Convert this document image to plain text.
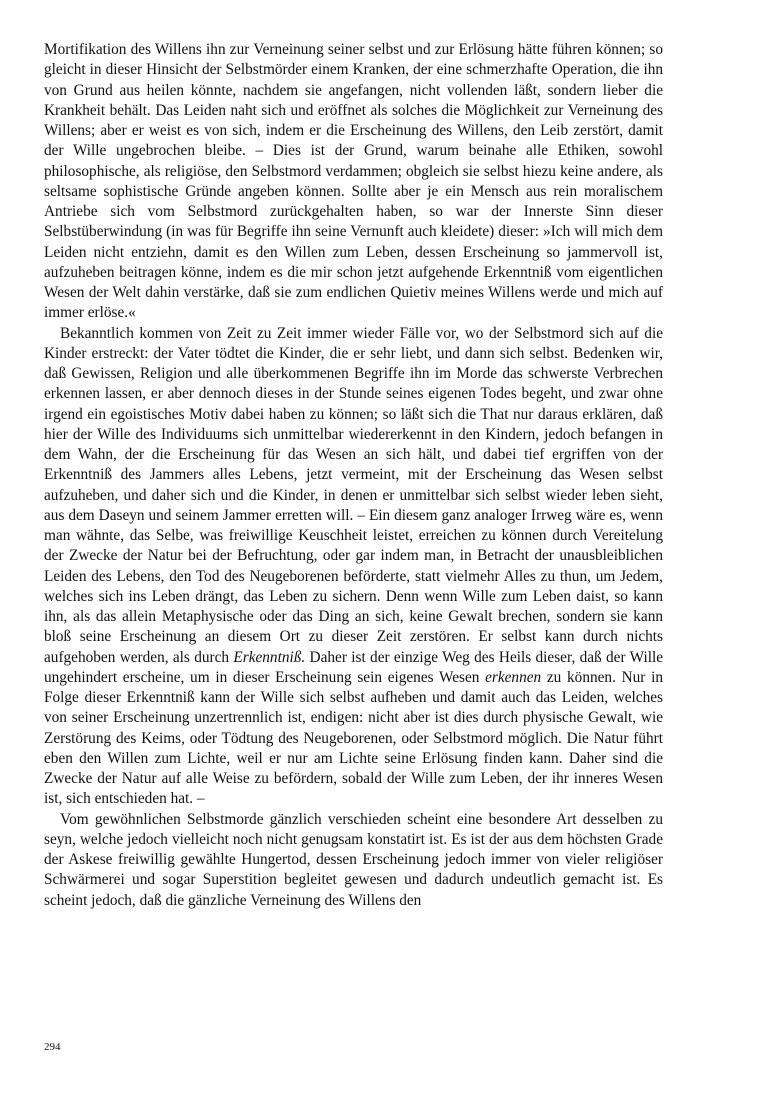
Mortifikation des Willens ihn zur Verneinung seiner selbst und zur Erlösung hätte führen können; so gleicht in dieser Hinsicht der Selbstmörder einem Kranken, der eine schmerzhafte Operation, die ihn von Grund aus heilen könnte, nachdem sie angefangen, nicht vollenden läßt, sondern lieber die Krankheit behält. Das Leiden naht sich und eröffnet als solches die Möglichkeit zur Verneinung des Willens; aber er weist es von sich, indem er die Erscheinung des Willens, den Leib zerstört, damit der Wille ungebrochen bleibe. – Dies ist der Grund, warum beinahe alle Ethiken, sowohl philosophische, als religiöse, den Selbstmord verdammen; obgleich sie selbst hiezu keine andere, als seltsame sophistische Gründe angeben können. Sollte aber je ein Mensch aus rein moralischem Antriebe sich vom Selbstmord zurückgehalten haben, so war der Innerste Sinn dieser Selbstüberwindung (in was für Begriffe ihn seine Vernunft auch kleidete) dieser: »Ich will mich dem Leiden nicht entziehn, damit es den Willen zum Leben, dessen Erscheinung so jammervoll ist, aufzuheben beitragen könne, indem es die mir schon jetzt aufgehende Erkenntniß vom eigentlichen Wesen der Welt dahin verstärke, daß sie zum endlichen Quietiv meines Willens werde und mich auf immer erlöse.«

Bekanntlich kommen von Zeit zu Zeit immer wieder Fälle vor, wo der Selbstmord sich auf die Kinder erstreckt: der Vater tödtet die Kinder, die er sehr liebt, und dann sich selbst. Bedenken wir, daß Gewissen, Religion und alle überkommenen Begriffe ihn im Morde das schwerste Verbrechen erkennen lassen, er aber dennoch dieses in der Stunde seines eigenen Todes begeht, und zwar ohne irgend ein egoistisches Motiv dabei haben zu können; so läßt sich die That nur daraus erklären, daß hier der Wille des Individuums sich unmittelbar wiedererkennt in den Kindern, jedoch befangen in dem Wahn, der die Erscheinung für das Wesen an sich hält, und dabei tief ergriffen von der Erkenntniß des Jammers alles Lebens, jetzt vermeint, mit der Erscheinung das Wesen selbst aufzuheben, und daher sich und die Kinder, in denen er unmittelbar sich selbst wieder leben sieht, aus dem Daseyn und seinem Jammer erretten will. – Ein diesem ganz analoger Irrweg wäre es, wenn man wähnte, das Selbe, was freiwillige Keuschheit leistet, erreichen zu können durch Vereitelung der Zwecke der Natur bei der Befruchtung, oder gar indem man, in Betracht der unausbleiblichen Leiden des Lebens, den Tod des Neugeborenen beförderte, statt vielmehr Alles zu thun, um Jedem, welches sich ins Leben drängt, das Leben zu sichern. Denn wenn Wille zum Leben daist, so kann ihn, als das allein Metaphysische oder das Ding an sich, keine Gewalt brechen, sondern sie kann bloß seine Erscheinung an diesem Ort zu dieser Zeit zerstören. Er selbst kann durch nichts aufgehoben werden, als durch Erkenntniß. Daher ist der einzige Weg des Heils dieser, daß der Wille ungehindert erscheine, um in dieser Erscheinung sein eigenes Wesen erkennen zu können. Nur in Folge dieser Erkenntniß kann der Wille sich selbst aufheben und damit auch das Leiden, welches von seiner Erscheinung unzertrennlich ist, endigen: nicht aber ist dies durch physische Gewalt, wie Zerstörung des Keims, oder Tödtung des Neugeborenen, oder Selbstmord möglich. Die Natur führt eben den Willen zum Lichte, weil er nur am Lichte seine Erlösung finden kann. Daher sind die Zwecke der Natur auf alle Weise zu befördern, sobald der Wille zum Leben, der ihr inneres Wesen ist, sich entschieden hat. –

Vom gewöhnlichen Selbstmorde gänzlich verschieden scheint eine besondere Art desselben zu seyn, welche jedoch vielleicht noch nicht genugsam konstatirt ist. Es ist der aus dem höchsten Grade der Askese freiwillig gewählte Hungertod, dessen Erscheinung jedoch immer von vieler religiöser Schwärmerei und sogar Superstition begleitet gewesen und dadurch undeutlich gemacht ist. Es scheint jedoch, daß die gänzliche Verneinung des Willens den

294
